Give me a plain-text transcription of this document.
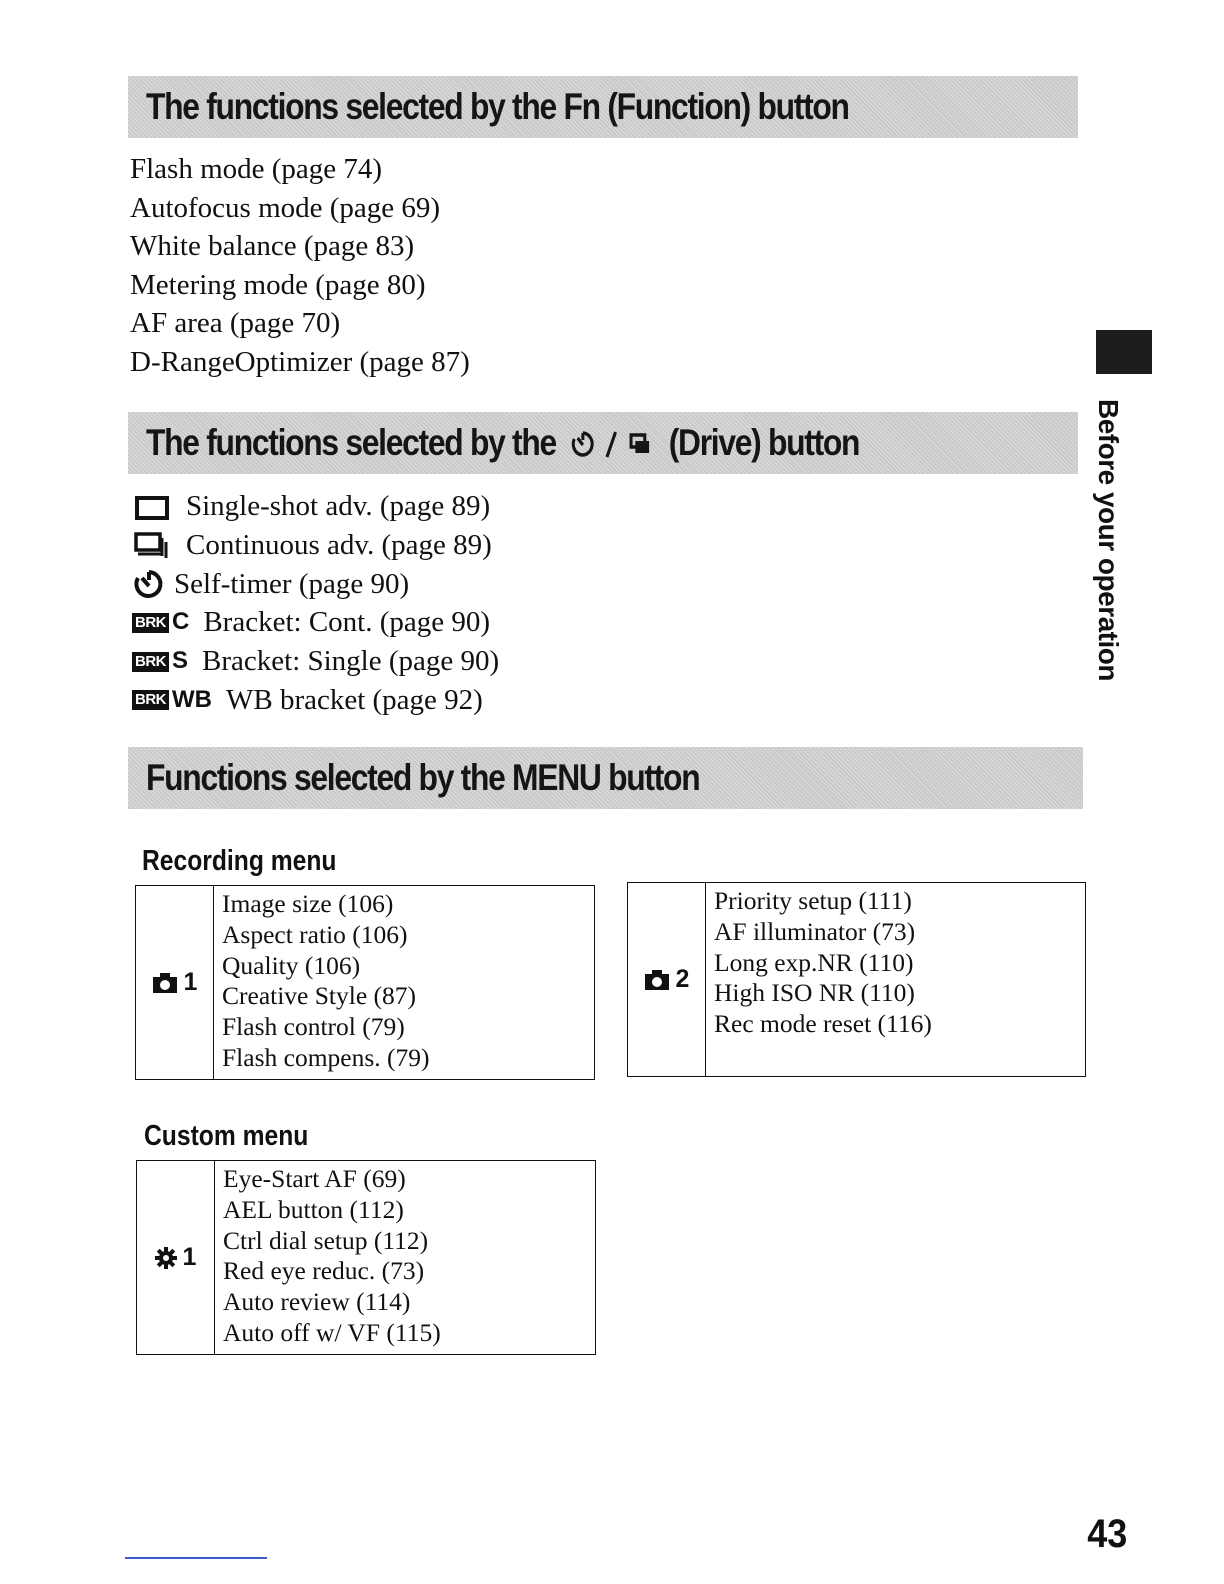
The functions selected by the Fn (Function) button
Flash mode (page 74)
Autofocus mode (page 69)
White balance (page 83)
Metering mode (page 80)
AF area (page 70)
D-RangeOptimizer (page 87)
The functions selected by the	(Drive) button
Single-shot adv. (page 89)
Continuous adv. (page 89)
Self-timer (page 90)
BRK C Bracket: Cont. (page 90)
BRK S Bracket: Single (page 90)
BRK WB WB bracket (page 92)
Functions selected by the MENU button
Recording menu
1
Image size (106)
Aspect ratio (106)
Quality (106)
Creative Style (87)
Flash control (79)
Flash compens. (79)
2
Priority setup (111)
AF illuminator (73)
Long exp.NR (110)
High ISO NR (110)
Rec mode reset (116)
Custom menu
1
Eye-Start AF (69)
AEL button (112)
Ctrl dial setup (112)
Red eye reduc. (73)
Auto review (114)
Auto off w/ VF (115)
Before your operation
43
